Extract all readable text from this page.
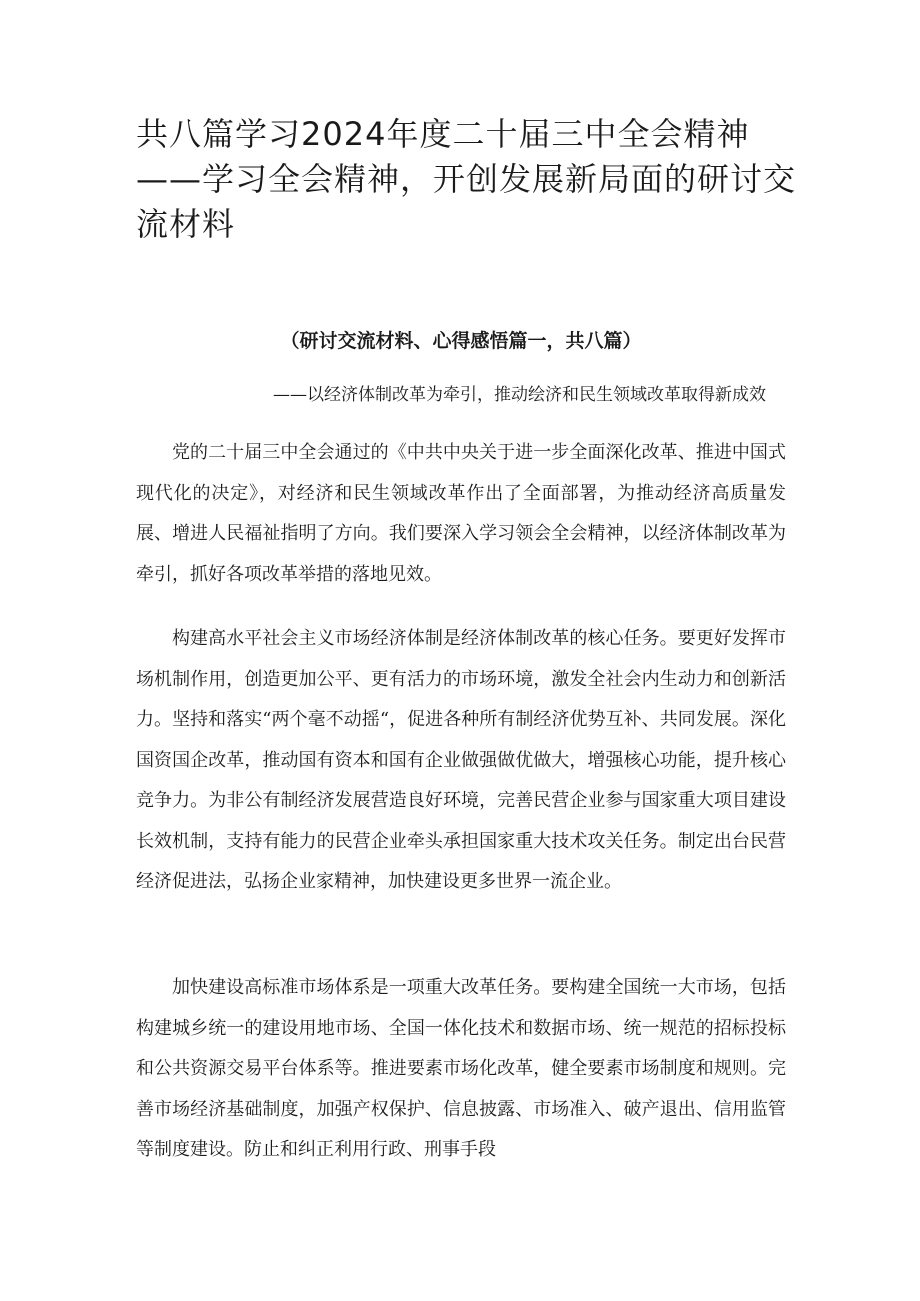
共八篇学习2024年度二十届三中全会精神——学习全会精神，开创发展新局面的研讨交流材料
（研讨交流材料、心得感悟篇一，共八篇）
——以经济体制改革为牵引，推动绘济和民生领域改革取得新成效

党的二十届三中全会通过的《中共中央关于进一步全面深化改革、推进中国式现代化的决定》，对经济和民生领域改革作出了全面部署，为推动经济高质量发展、增进人民福祉指明了方向。我们要深入学习领会全会精神，以经济体制改革为牵引，抓好各项改革举措的落地见效。

构建高水平社会主义市场经济体制是经济体制改革的核心任务。要更好发挥市场机制作用，创造更加公平、更有活力的市场环境，激发全社会内生动力和创新活力。坚持和落实“两个毫不动摇“，促进各种所有制经济优势互补、共同发展。深化国资国企改革，推动国有资本和国有企业做强做优做大，增强核心功能，提升核心竞争力。为非公有制经济发展营造良好环境，完善民营企业参与国家重大项目建设长效机制，支持有能力的民营企业牵头承担国家重大技术攻关任务。制定出台民营经济促进法，弘扬企业家精神，加快建设更多世界一流企业。

加快建设高标准市场体系是一项重大改革任务。要构建全国统一大市场，包括构建城乡统一的建设用地市场、全国一体化技术和数据市场、统一规范的招标投标和公共资源交易平台体系等。推进要素市场化改革，健全要素市场制度和规则。完善市场经济基础制度，加强产权保护、信息披露、市场准入、破产退出、信用监管等制度建设。防止和纠正利用行政、刑事手段
